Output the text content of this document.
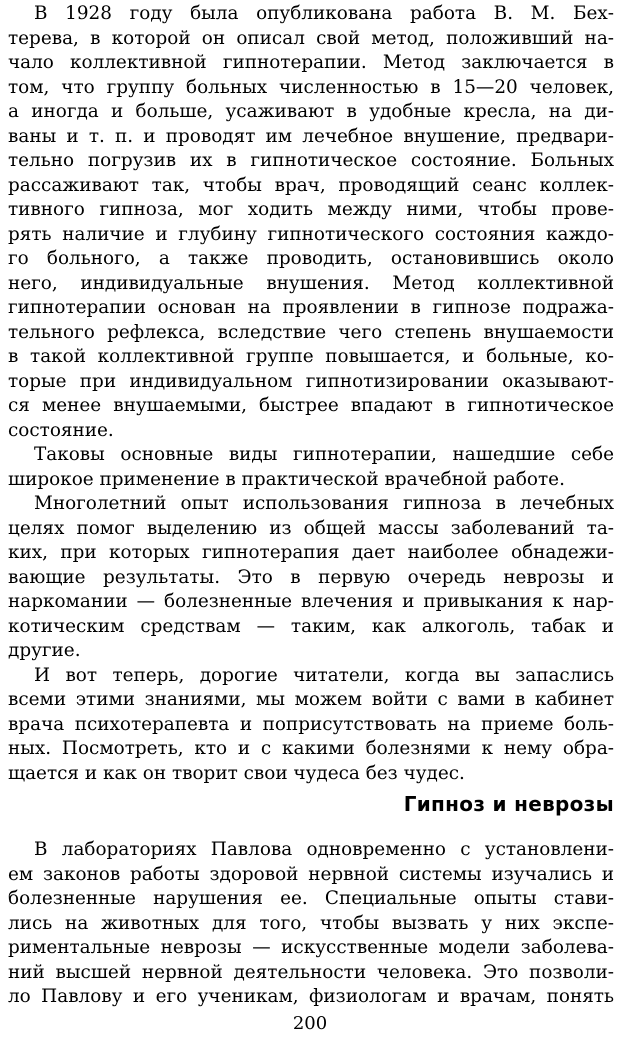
В 1928 году была опубликована работа В. М. Бех-
терева, в которой он описал свой метод, положивший на-
чало коллективной гипнотерапии. Метод заключается в
том, что группу больных численностью в 15—20 человек,
а иногда и больше, усаживают в удобные кресла, на ди-
ваны и т. п. и проводят им лечебное внушение, предвари-
тельно погрузив их в гипнотическое состояние. Больных
рассаживают так, чтобы врач, проводящий сеанс коллек-
тивного гипноза, мог ходить между ними, чтобы прове-
рять наличие и глубину гипнотического состояния каждо-
го больного, а также проводить, остановившись около
него, индивидуальные внушения. Метод коллективной
гипнотерапии основан на проявлении в гипнозе подража-
тельного рефлекса, вследствие чего степень внушаемости
в такой коллективной группе повышается, и больные, ко-
торые при индивидуальном гипнотизировании оказывают-
ся менее внушаемыми, быстрее впадают в гипнотическое
состояние.
Таковы основные виды гипнотерапии, нашедшие себе
широкое применение в практической врачебной работе.
Многолетний опыт использования гипноза в лечебных
целях помог выделению из общей массы заболеваний та-
ких, при которых гипнотерапия дает наиболее обнадежи-
вающие результаты. Это в первую очередь неврозы и
наркомании — болезненные влечения и привыкания к нар-
котическим средствам — таким, как алкоголь, табак и
другие.
И вот теперь, дорогие читатели, когда вы запаслись
всеми этими знаниями, мы можем войти с вами в кабинет
врача психотерапевта и поприсутствовать на приеме боль-
ных. Посмотреть, кто и с какими болезнями к нему обра-
щается и как он творит свои чудеса без чудес.
Гипноз и неврозы
В лабораториях Павлова одновременно с установлени-
ем законов работы здоровой нервной системы изучались и
болезненные нарушения ее. Специальные опыты стави-
лись на животных для того, чтобы вызвать у них экспе-
риментальные неврозы — искусственные модели заболева-
ний высшей нервной деятельности человека. Это позволи-
ло Павлову и его ученикам, физиологам и врачам, понять
200
